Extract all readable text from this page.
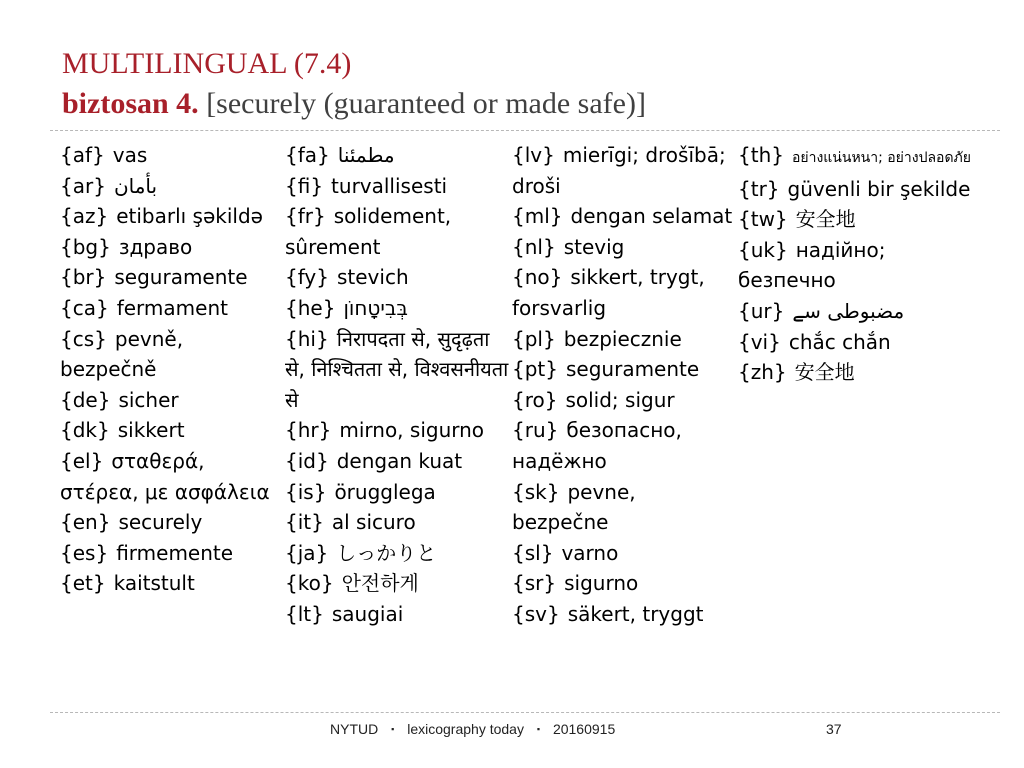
MULTILINGUAL (7.4)
biztosan 4. [securely (guaranteed or made safe)]
{af} vas
{ar} بأمان
{az} etibarlı şəkildə
{bg} здраво
{br} seguramente
{ca} fermament
{cs} pevně, bezpečně
{de} sicher
{dk} sikkert
{el} σταθερά, στέρεα, με ασφάλεια
{en} securely
{es} firmemente
{et} kaitstult
{fa} مطمئنا
{fi} turvallisesti
{fr} solidement, sûrement
{fy} stevich
{he} בְּבִיטָחוֹן
{hi} निरापदता से, सुदृढ़ता से, निश्चितता से, विश्वसनीयता से
{hr} mirno, sigurno
{id} dengan kuat
{is} örugglega
{it} al sicuro
{ja} しっかりと
{ko} 안전하게
{lt} saugiai
{lv} mierīgi; drošībā; droši
{ml} dengan selamat
{nl} stevig
{no} sikkert, trygt, forsvarlig
{pl} bezpiecznie
{pt} seguramente
{ro} solid; sigur
{ru} безопасно, надёжно
{sk} pevne, bezpečne
{sl} varno
{sr} sigurno
{sv} säkert, tryggt
{th} อย่างแน่นหนา; อย่างปลอดภัย
{tr} güvenli bir şekilde
{tw} 安全地
{uk} надійно; безпечно
{ur} مضبوطی سے
{vi} chắc chắn
{zh} 安全地
NYTUD ▪ lexicography today ▪ 20160915	37
